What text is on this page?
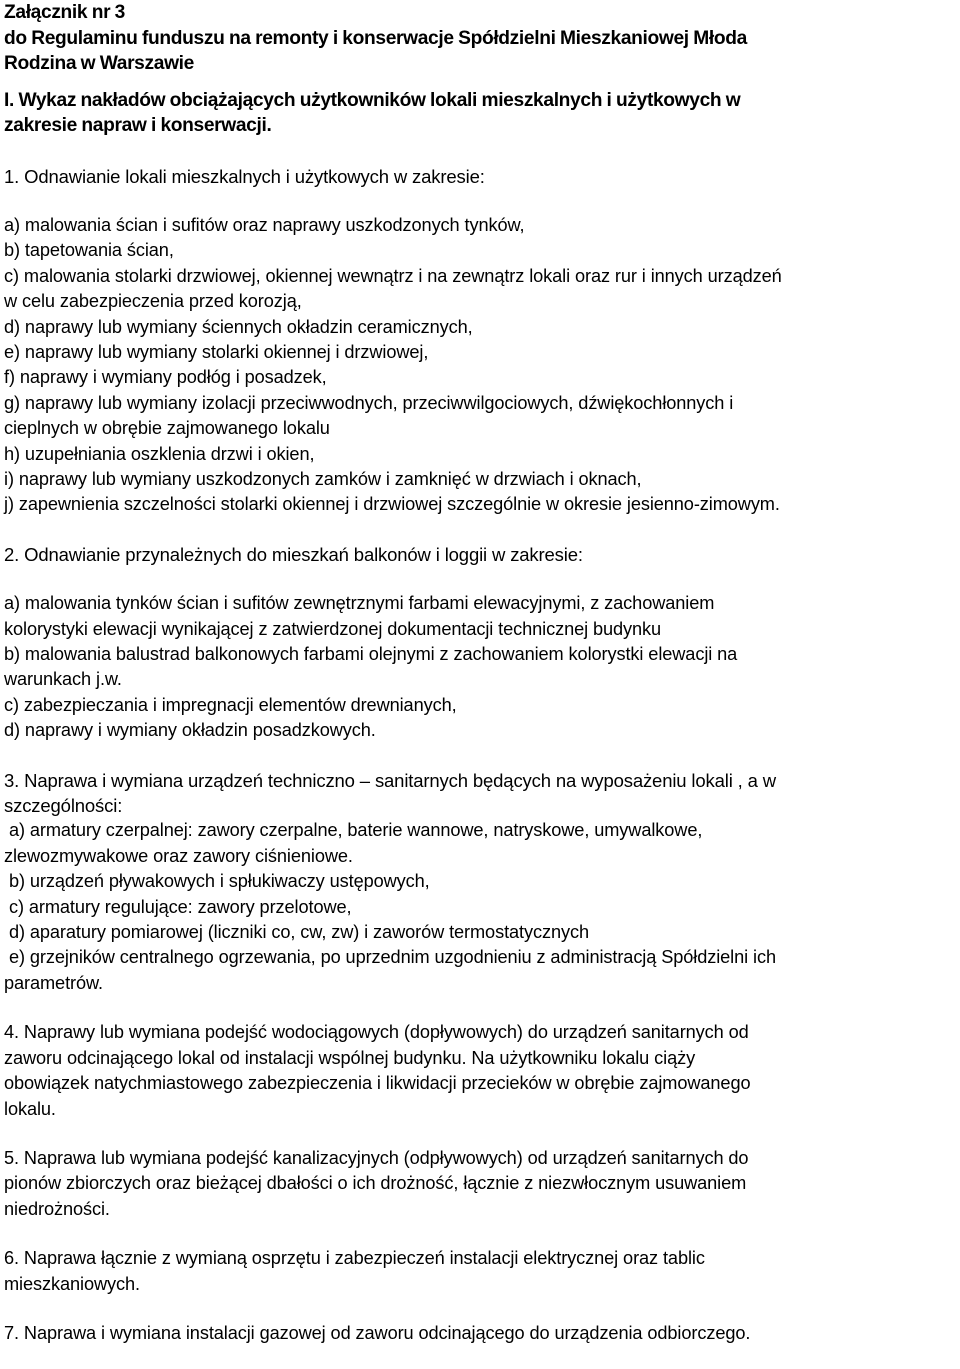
Załącznik nr 3
do Regulaminu funduszu na remonty i konserwacje Spółdzielni Mieszkaniowej Młoda
Rodzina w Warszawie
I. Wykaz nakładów obciążających użytkowników lokali mieszkalnych i użytkowych w
zakresie napraw i konserwacji.
1. Odnawianie lokali mieszkalnych i użytkowych w zakresie:
a) malowania ścian i sufitów oraz naprawy uszkodzonych tynków,
b) tapetowania ścian,
c) malowania stolarki drzwiowej, okiennej wewnątrz i na zewnątrz lokali oraz rur i innych urządzeń
w celu zabezpieczenia przed korozją,
d) naprawy lub wymiany ściennych okładzin ceramicznych,
e) naprawy lub wymiany stolarki okiennej i drzwiowej,
f) naprawy i wymiany podłóg i posadzek,
g) naprawy lub wymiany izolacji przeciwwodnych, przeciwwilgociowych, dźwiękochłonnych i
cieplnych w obrębie zajmowanego lokalu
h) uzupełniania oszklenia drzwi i okien,
i) naprawy lub wymiany uszkodzonych zamków i zamknięć w drzwiach i oknach,
j) zapewnienia szczelności stolarki okiennej i drzwiowej szczególnie w okresie jesienno-zimowym.
2. Odnawianie przynależnych do mieszkań balkonów i loggii w zakresie:
a) malowania tynków ścian i sufitów zewnętrznymi farbami elewacyjnymi, z zachowaniem
kolorystyki elewacji wynikającej z zatwierdzonej dokumentacji technicznej budynku
b) malowania balustrad balkonowych farbami olejnymi z zachowaniem kolorystki elewacji na
warunkach j.w.
c) zabezpieczania i impregnacji elementów drewnianych,
d) naprawy i wymiany okładzin posadzkowych.
3. Naprawa i wymiana urządzeń techniczno – sanitarnych będących na wyposażeniu lokali , a w
szczególności:
a) armatury czerpalnej: zawory czerpalne, baterie wannowe, natryskowe, umywalkowe,
zlewozmywakowe oraz zawory ciśnieniowe.
b) urządzeń pływakowych i spłukiwaczy ustępowych,
c) armatury regulujące: zawory przelotowe,
d) aparatury pomiarowej (liczniki co, cw, zw) i zaworów termostatycznych
e) grzejników centralnego ogrzewania, po uprzednim uzgodnieniu z administracją Spółdzielni ich
parametrów.
4. Naprawy lub wymiana podejść wodociągowych (dopływowych) do urządzeń sanitarnych od
zaworu odcinającego lokal od instalacji wspólnej budynku. Na użytkowniku lokalu ciąży
obowiązek natychmiastowego zabezpieczenia i likwidacji przecieków w obrębie zajmowanego
lokalu.
5. Naprawa lub wymiana podejść kanalizacyjnych (odpływowych) od urządzeń sanitarnych do
pionów zbiorczych oraz bieżącej dbałości o ich drożność, łącznie z niezwłocznym usuwaniem
niedrożności.
6. Naprawa łącznie z wymianą osprzętu i zabezpieczeń instalacji elektrycznej oraz tablic
mieszkaniowych.
7. Naprawa i wymiana instalacji gazowej od zaworu odcinającego do urządzenia odbiorczego.
